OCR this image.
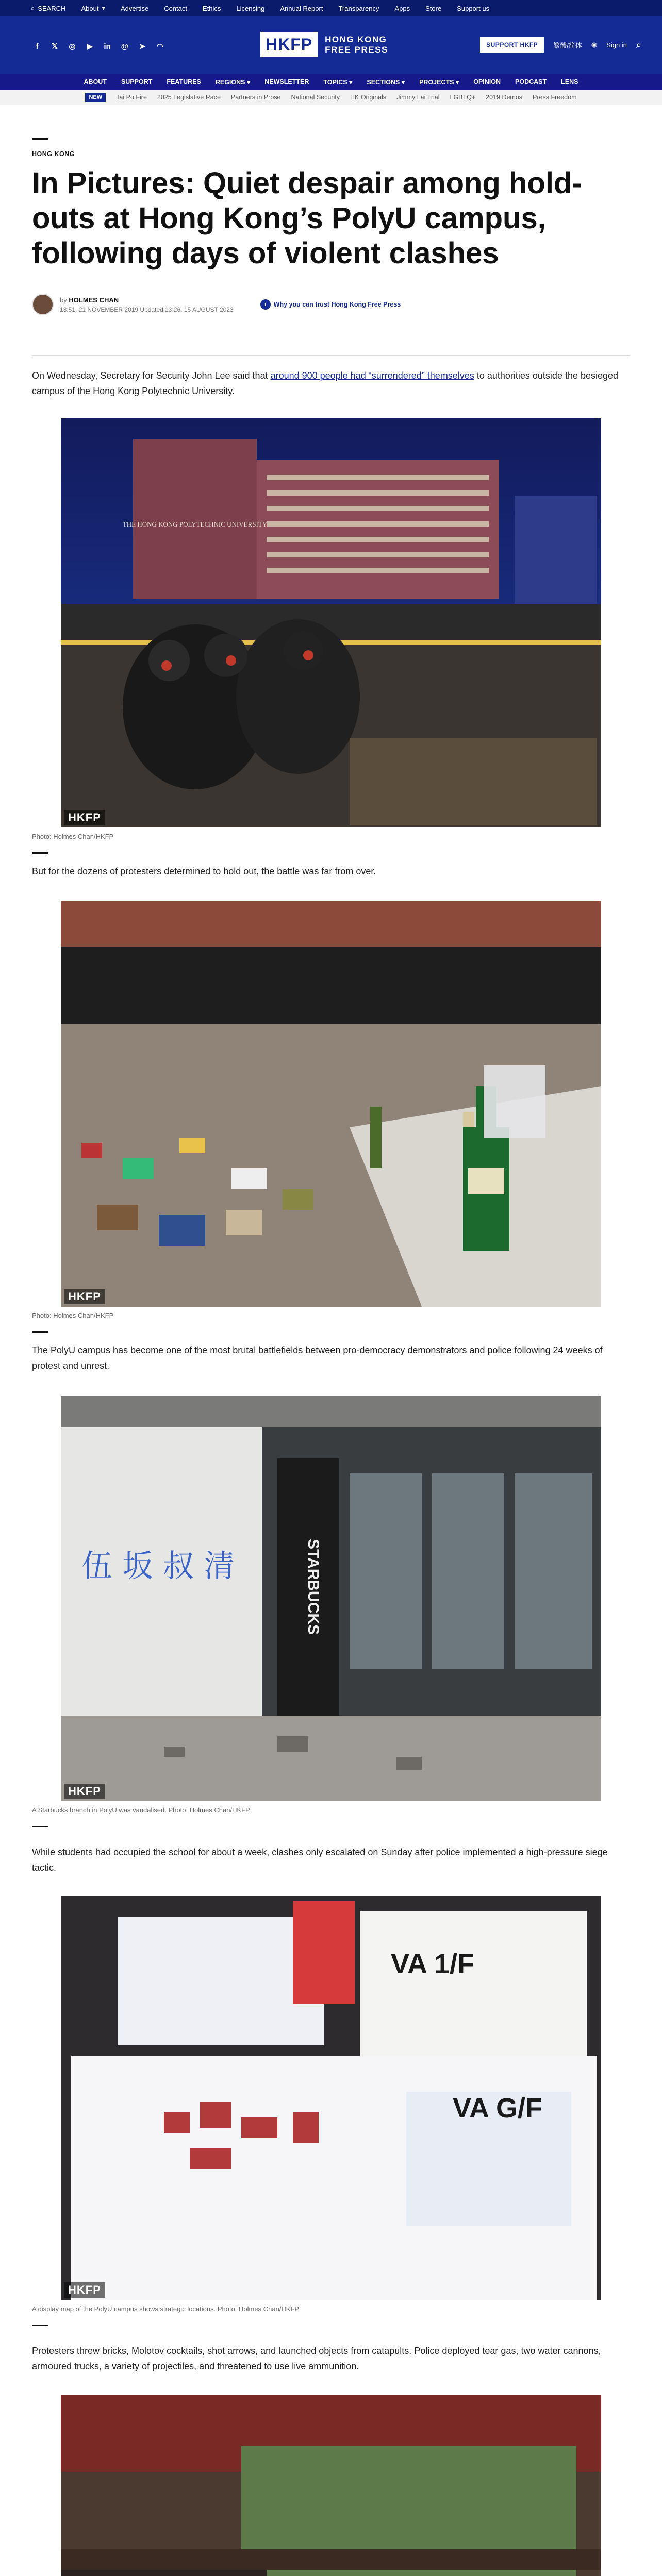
⌕ SEARCH About ▾ Advertise Contact Ethics Licensing Annual Report Transparency Apps Store Support us
f	𝕏 ◎ ▶ in @ ➤ ◠	HKFP	HONG KONG
FREE PRESS	SUPPORT HKFP	繁體/简体 ◉ Sign in ⌕
ABOUT SUPPORT FEATURES REGIONS ▾ NEWSLETTER TOPICS ▾ SECTIONS ▾ PROJECTS ▾ OPINION PODCAST LENS
NEW	Tai Po Fire 2025 Legislative Race Partners in Prose National Security HK Originals Jimmy Lai Trial LGBTQ+ 2019 Demos Press Freedom
HONG KONG
In Pictures: Quiet despair among hold-outs at Hong Kong’s PolyU campus, following days of violent clashes
by HOLMES CHAN
13:51, 21 NOVEMBER 2019 Updated 13:26, 15 AUGUST 2023
i	Why you can trust Hong Kong Free Press

On Wednesday, Secretary for Security John Lee said that around 900 people had “surrendered” themselves to authorities outside the besieged campus of the Hong Kong Polytechnic University.

THE HONG KONG POLYTECHNIC UNIVERSITY
HKFP
Photo: Holmes Chan/HKFP

But for the dozens of protesters determined to hold out, the battle was far from over.

HKFP
Photo: Holmes Chan/HKFP

The PolyU campus has become one of the most brutal battlefields between pro-democracy demonstrators and police following 24 weeks of protest and unrest.

STARBUCKS
伍 坂 叔 清
HKFP
A Starbucks branch in PolyU was vandalised. Photo: Holmes Chan/HKFP

While students had occupied the school for about a week, clashes only escalated on Sunday after police implemented a high-pressure siege tactic.

VA 1/F
VA G/F
HKFP
A display map of the PolyU campus shows strategic locations. Photo: Holmes Chan/HKFP

Protesters threw bricks, Molotov cocktails, shot arrows, and launched objects from catapults. Police deployed tear gas, two water cannons, armoured trucks, a variety of projectiles, and threatened to use live ammunition.
